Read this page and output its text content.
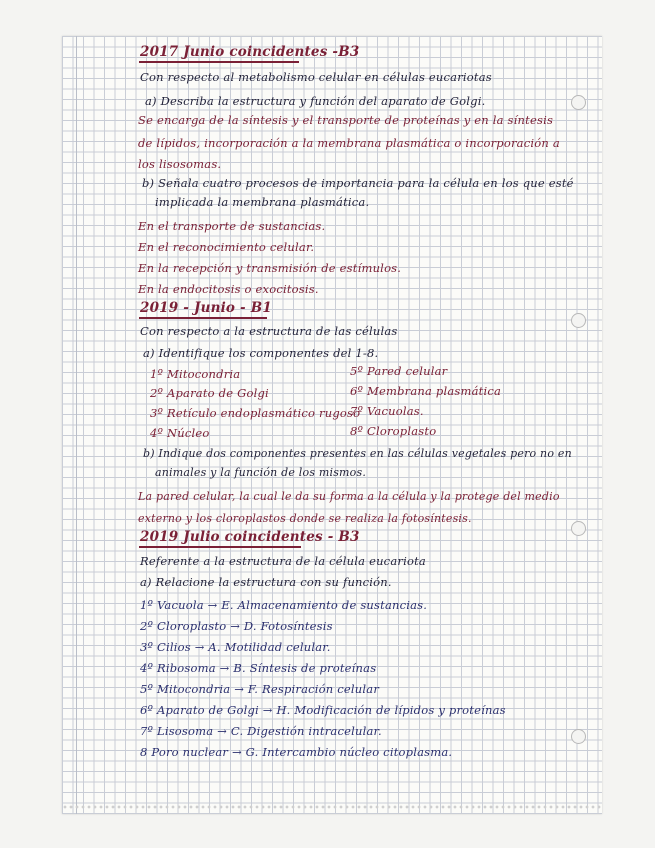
2017 Junio coincidentes -B3
Con respecto al metabolismo celular en células eucariotas
a) Describa la estructura y función del aparato de Golgi.
Se encarga de la síntesis y el transporte de proteínas y en la síntesis
de lípidos, incorporación a la membrana plasmática o incorporación a
los lisosomas.
b) Señala cuatro procesos de importancia para la célula en los que esté
implicada la membrana plasmática.
En el transporte de sustancias.
En el reconocimiento celular.
En la recepción y transmisión de estímulos.
En la endocitosis o exocitosis.
2019 - Junio - B1
Con respecto a la estructura de las células
a) Identifique los componentes del 1-8.
1º Mitocondria
2º Aparato de Golgi
3º Retículo endoplasmático rugoso
4º Núcleo
5º Pared celular
6º Membrana plasmática
7º Vacuolas.
8º Cloroplasto
b) Indique dos componentes presentes en las células vegetales pero no en
animales y la función de los mismos.
La pared celular, la cual le da su forma a la célula y la protege del medio
externo y los cloroplastos donde se realiza la fotosíntesis.
2019 Julio coincidentes - B3
Referente a la estructura de la célula eucariota
a) Relacione la estructura con su función.
1º Vacuola → E. Almacenamiento de sustancias.
2º Cloroplasto → D. Fotosíntesis
3º Cilios → A. Motilidad celular.
4º Ribosoma → B. Síntesis de proteínas
5º Mitocondria → F. Respiración celular
6º Aparato de Golgi → H. Modificación de lípidos y proteínas
7º Lisosoma → C. Digestión intracelular.
8 Poro nuclear → G. Intercambio núcleo citoplasma.
